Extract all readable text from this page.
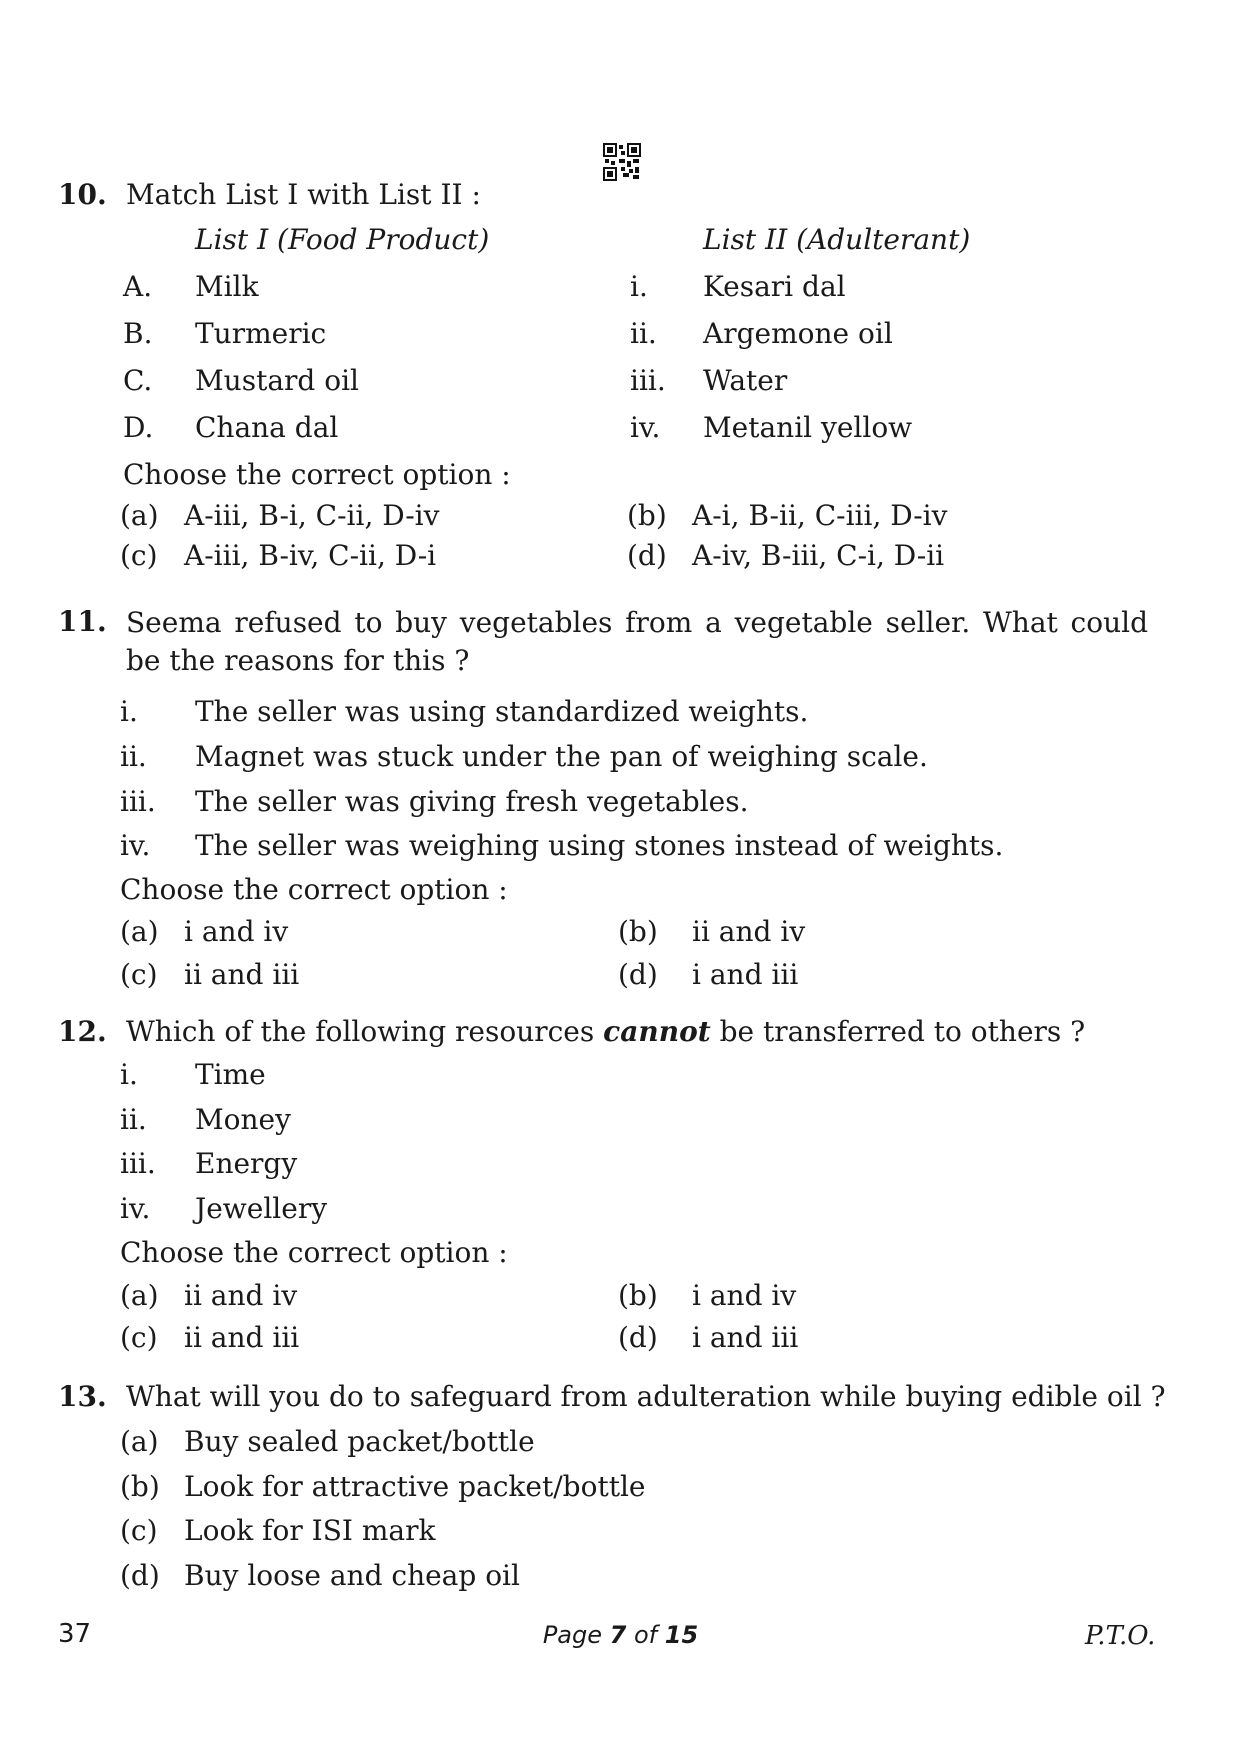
10. Match List I with List II :
List I (Food Product)	List II (Adulterant)
A. Milk	i. Kesari dal
B. Turmeric	ii. Argemone oil
C. Mustard oil	iii. Water
D. Chana dal	iv. Metanil yellow
Choose the correct option :
(a) A-iii, B-i, C-ii, D-iv	(b) A-i, B-ii, C-iii, D-iv
(c) A-iii, B-iv, C-ii, D-i	(d) A-iv, B-iii, C-i, D-ii
11. Seema refused to buy vegetables from a vegetable seller. What could be the reasons for this ?
i. The seller was using standardized weights.
ii. Magnet was stuck under the pan of weighing scale.
iii. The seller was giving fresh vegetables.
iv. The seller was weighing using stones instead of weights.
Choose the correct option :
(a) i and iv	(b) ii and iv
(c) ii and iii	(d) i and iii
12. Which of the following resources cannot be transferred to others ?
i. Time
ii. Money
iii. Energy
iv. Jewellery
Choose the correct option :
(a) ii and iv	(b) i and iv
(c) ii and iii	(d) i and iii
13. What will you do to safeguard from adulteration while buying edible oil ?
(a) Buy sealed packet/bottle
(b) Look for attractive packet/bottle
(c) Look for ISI mark
(d) Buy loose and cheap oil
37	Page 7 of 15	P.T.O.
